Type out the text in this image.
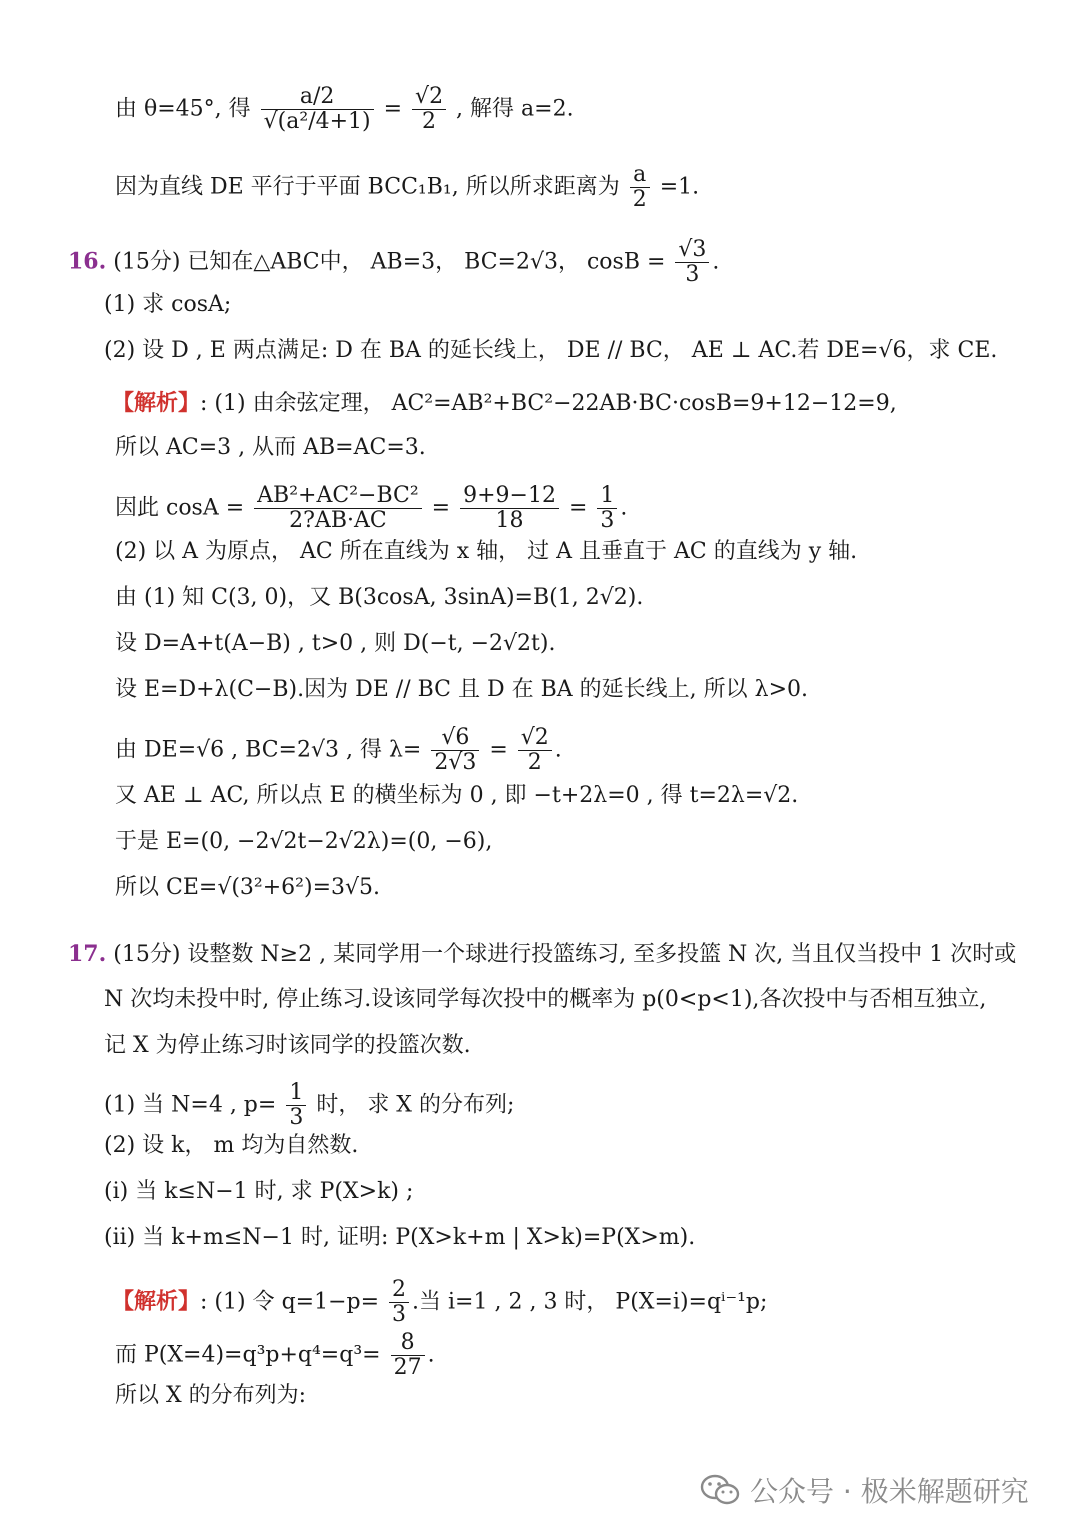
由 θ=45°, 得 $\frac{a/2}{\text{√(a²/4+1)}} = \frac{√2}{2}$ , 解得 a=2.
因为直线 DE 平行于平面 BCC₁B₁, 所以所求距离为 $\frac{a}{2} =1$.
16. (15分) 已知在△ABC中， AB=3， BC=2√3， $\cos B = \frac{√3}{3}$ .
(1) 求 cosA;
(2) 设 D , E 两点满足: D 在 BA 的延长线上， DE // BC， AE ⊥ AC.若 DE=√6，求 CE.
【解析】: (1) 由余弦定理， AC²=AB²+BC²−22AB·BC·cosB=9+12−12=9,
所以 AC=3 , 从而 AB=AC=3.
因此 $\cos A = \frac{\text{AB²+AC²−BC²}}{2?AB\cdot AC} = \frac{9+9-12}{18} = \frac{1}{3}$ .
(2) 以 A 为原点， AC 所在直线为 x 轴， 过 A 且垂直于 AC 的直线为 y 轴.
由 (1) 知 C(3, 0)，又 B(3cosA, 3sinA)=B(1, 2√2).
设 D=A+t(A−B) , t>0 , 则 D(−t, −2√2t).
设 E=D+λ(C−B).因为 DE // BC 且 D 在 BA 的延长线上, 所以 λ>0.
由 DE=√6 , BC=2√3 , 得 $\lambda= \frac{√6}{2√3} = \frac{√2}{2}$ .
又 AE ⊥ AC, 所以点 E 的横坐标为 0 , 即 −t+2λ=0 , 得 t=2λ=√2.
于是 E=(0, −2√2t−2√2λ)=(0, −6),
所以 CE=√(3²+6²)=3√5.
17. (15分) 设整数 N≥2 , 某同学用一个球进行投篮练习, 至多投篮 N 次, 当且仅当投中 1 次时或
N 次均未投中时, 停止练习.设该同学每次投中的概率为 p(0<p<1),各次投中与否相互独立,
记 X 为停止练习时该同学的投篮次数.
(1) 当 N=4 , $p= \frac{1}{3}$ 时， 求 X 的分布列;
(2) 设 k， m 均为自然数.
(i) 当 k≤N−1 时, 求 P(X>k) ;
(ii) 当 k+m≤N−1 时, 证明: P(X>k+m | X>k)=P(X>m).
【解析】: (1) 令 $q=1-p= \frac{2}{3}$ .当 i=1 , 2 , 3 时， P(X=i)=qⁱ⁻¹p;
而 $P(X=4)=q^3p+q^4=q^3= \frac{8}{27}$ .
所以 X 的分布列为:
公众号 · 极米解题研究
